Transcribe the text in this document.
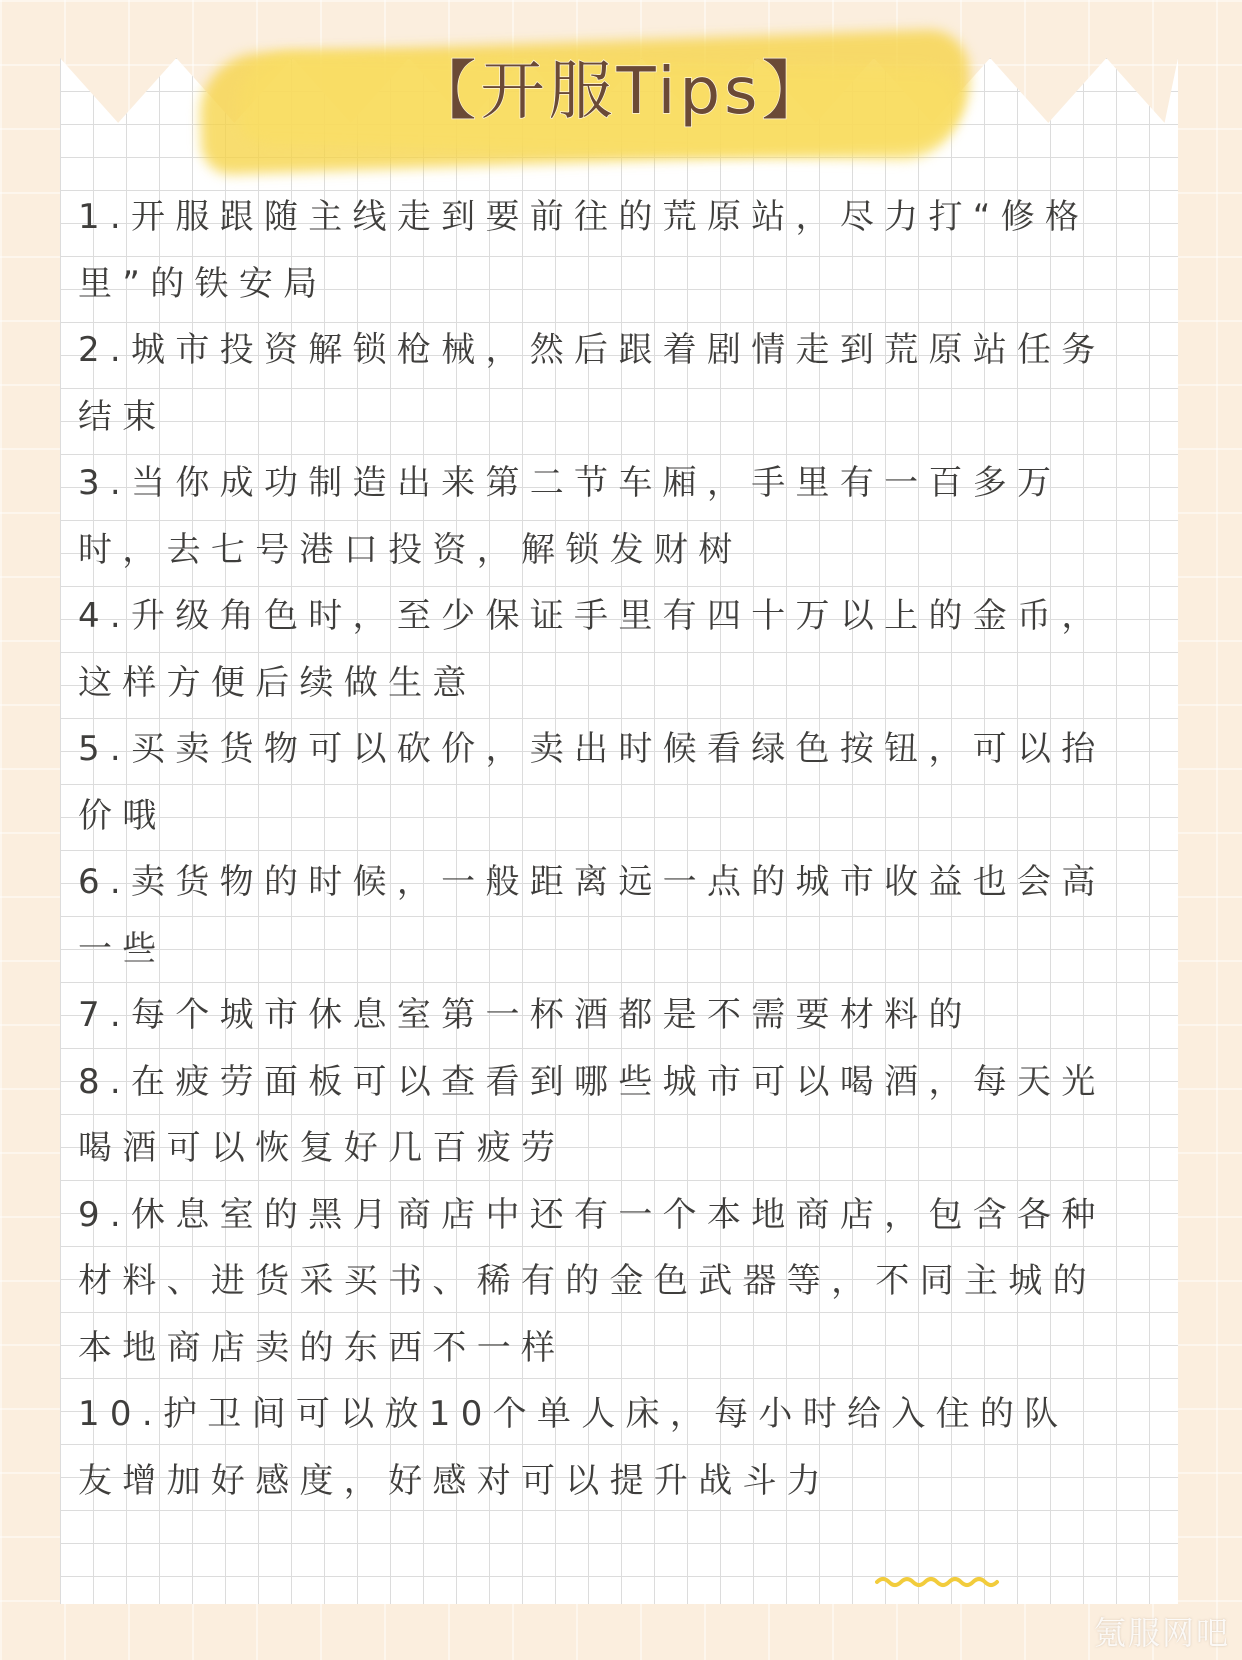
【开服Tips】
1.开服跟随主线走到要前往的荒原站，尽力打“修格里”的铁安局
2.城市投资解锁枪械，然后跟着剧情走到荒原站任务结束
3.当你成功制造出来第二节车厢，手里有一百多万时，去七号港口投资，解锁发财树
4.升级角色时，至少保证手里有四十万以上的金币，这样方便后续做生意
5.买卖货物可以砍价，卖出时候看绿色按钮，可以抬价哦
6.卖货物的时候，一般距离远一点的城市收益也会高一些
7.每个城市休息室第一杯酒都是不需要材料的
8.在疲劳面板可以查看到哪些城市可以喝酒，每天光喝酒可以恢复好几百疲劳
9.休息室的黑月商店中还有一个本地商店，包含各种材料、进货采买书、稀有的金色武器等，不同主城的本地商店卖的东西不一样
10.护卫间可以放10个单人床，每小时给入住的队友增加好感度，好感对可以提升战斗力
氪服网吧
